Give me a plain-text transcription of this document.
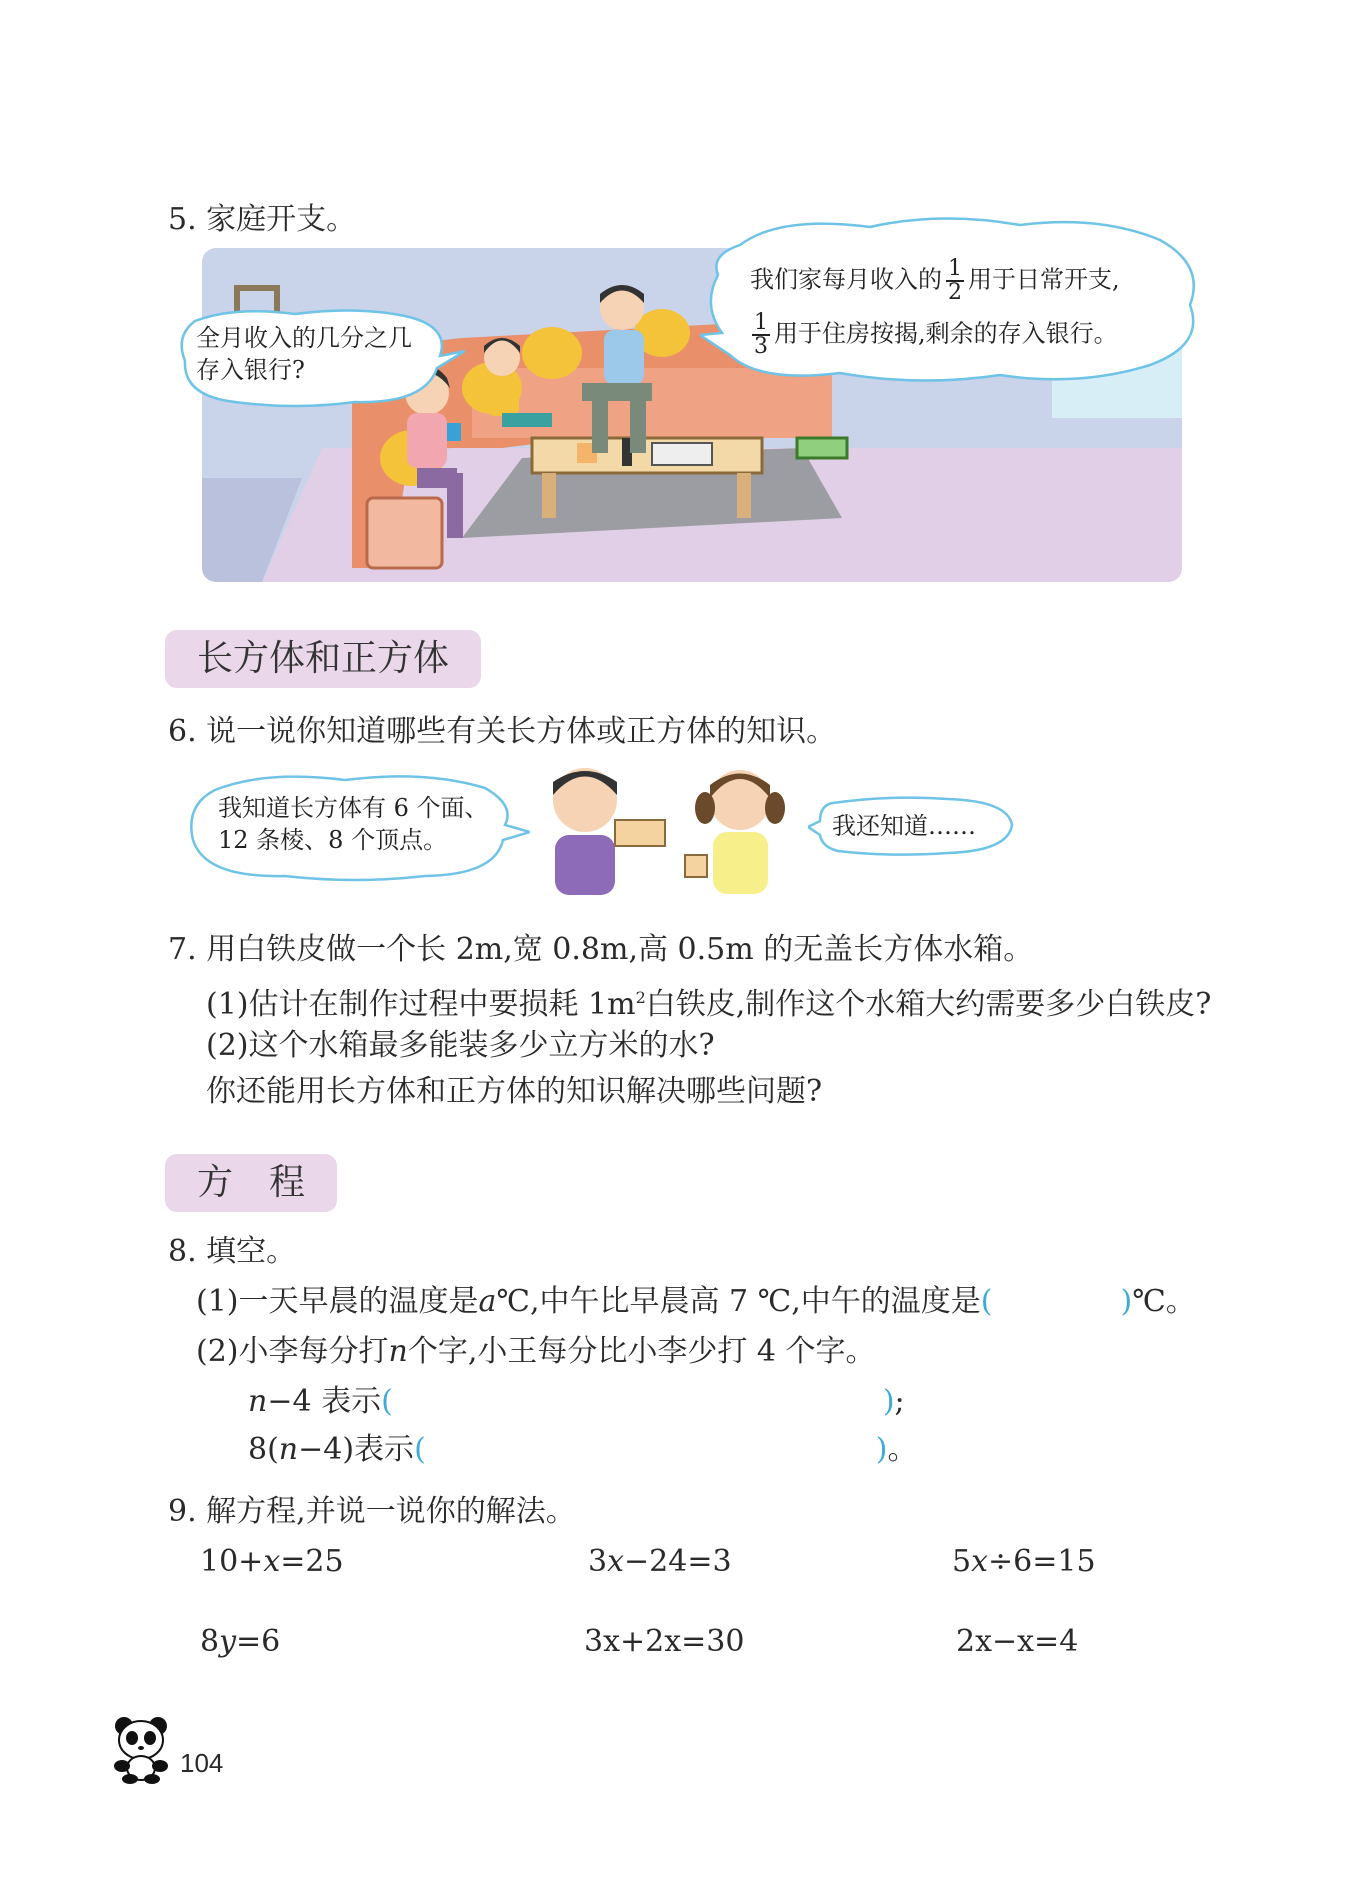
5. 家庭开支。
全月收入的几分之几
存入银行?
我们家每月收入的 $\frac{1}{2}$ 用于日常开支,
$\frac{1}{3}$ 用于住房按揭,剩余的存入银行。
长方体和正方体
6. 说一说你知道哪些有关长方体或正方体的知识。
我知道长方体有 6 个面、
12 条棱、8 个顶点。	我还知道……
7. 用白铁皮做一个长 2m,宽 0.8m,高 0.5m 的无盖长方体水箱。
(1)估计在制作过程中要损耗 $1m^2$白铁皮,制作这个水箱大约需要多少白铁皮?
(2)这个水箱最多能装多少立方米的水?
你还能用长方体和正方体的知识解决哪些问题?
方　程
8. 填空。
(1)一天早晨的温度是a℃,中午比早晨高 7 ℃,中午的温度是(	)℃。
(2)小李每分打n个字,小王每分比小李少打 4 个字。
n−4 表示(	);
8(n−4)表示(	)。
9. 解方程,并说一说你的解法。
10+x=25	3x−24=3	5x÷6=15
8y=6	3x+2x=30	2x−x=4
104
